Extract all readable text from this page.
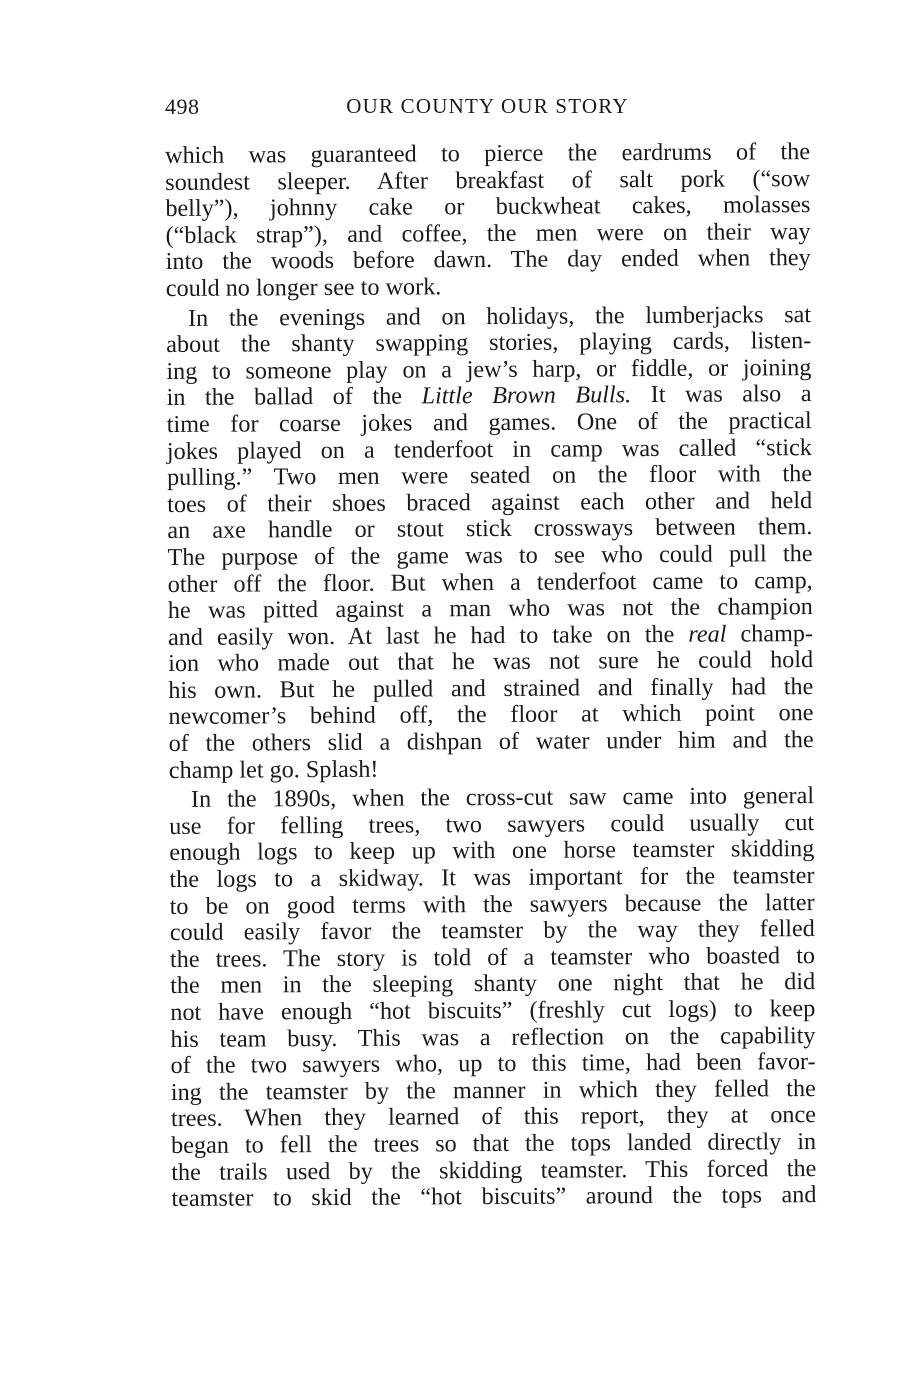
498	OUR COUNTY OUR STORY
which was guaranteed to pierce the eardrums of the
soundest sleeper. After breakfast of salt pork (“sow
belly”), johnny cake or buckwheat cakes, molasses
(“black strap”), and coffee, the men were on their way
into the woods before dawn. The day ended when they
could no longer see to work.
In the evenings and on holidays, the lumberjacks sat
about the shanty swapping stories, playing cards, listen-
ing to someone play on a jew’s harp, or fiddle, or joining
in the ballad of the Little Brown Bulls. It was also a
time for coarse jokes and games. One of the practical
jokes played on a tenderfoot in camp was called “stick
pulling.” Two men were seated on the floor with the
toes of their shoes braced against each other and held
an axe handle or stout stick crossways between them.
The purpose of the game was to see who could pull the
other off the floor. But when a tenderfoot came to camp,
he was pitted against a man who was not the champion
and easily won. At last he had to take on the real champ-
ion who made out that he was not sure he could hold
his own. But he pulled and strained and finally had the
newcomer’s behind off, the floor at which point one
of the others slid a dishpan of water under him and the
champ let go. Splash!
In the 1890s, when the cross-cut saw came into general
use for felling trees, two sawyers could usually cut
enough logs to keep up with one horse teamster skidding
the logs to a skidway. It was important for the teamster
to be on good terms with the sawyers because the latter
could easily favor the teamster by the way they felled
the trees. The story is told of a teamster who boasted to
the men in the sleeping shanty one night that he did
not have enough “hot biscuits” (freshly cut logs) to keep
his team busy. This was a reflection on the capability
of the two sawyers who, up to this time, had been favor-
ing the teamster by the manner in which they felled the
trees. When they learned of this report, they at once
began to fell the trees so that the tops landed directly in
the trails used by the skidding teamster. This forced the
teamster to skid the “hot biscuits” around the tops and
